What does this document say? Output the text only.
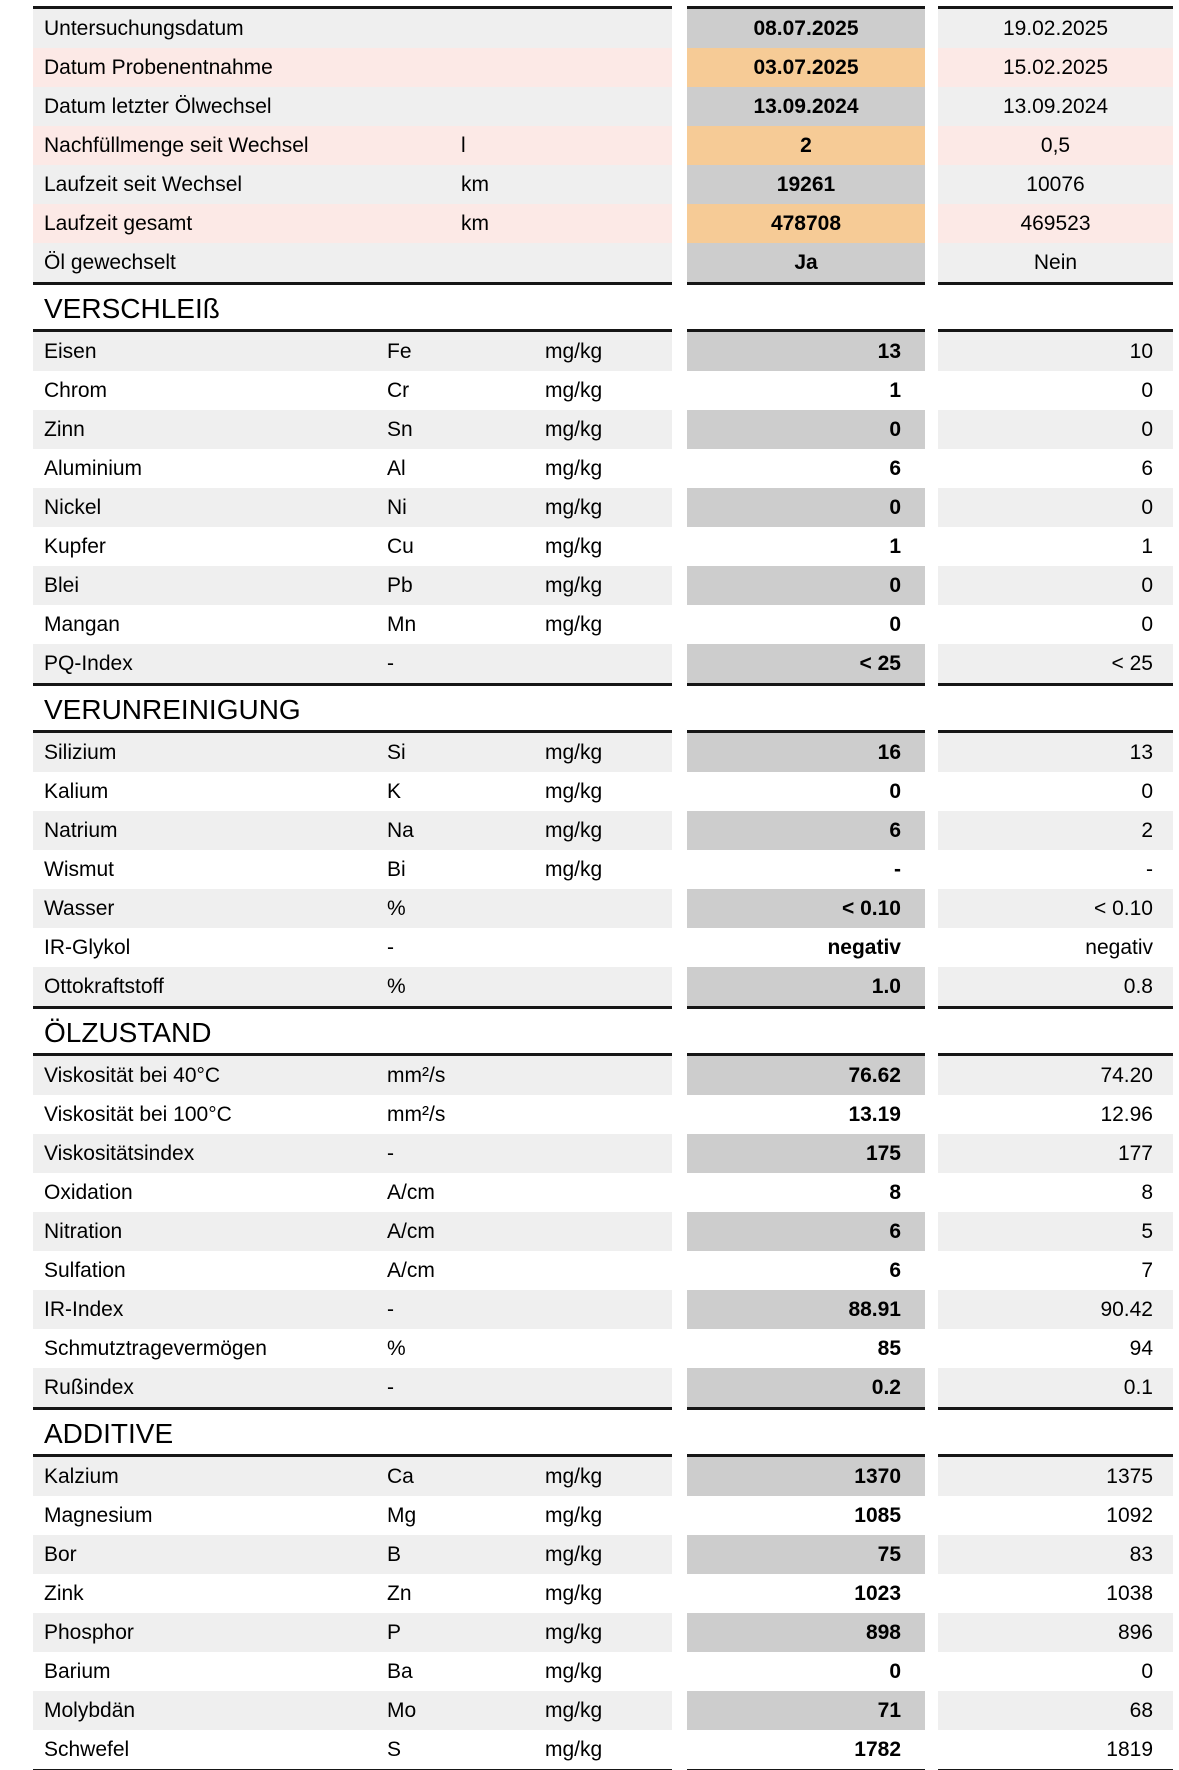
Untersuchungsdatum	08.07.2025	19.02.2025
Datum Probenentnahme	03.07.2025	15.02.2025
Datum letzter Ölwechsel	13.09.2024	13.09.2024
Nachfüllmenge seit Wechsel	l	2	0,5
Laufzeit seit Wechsel	km	19261	10076
Laufzeit gesamt	km	478708	469523
Öl gewechselt	Ja	Nein
VERSCHLEIß
Eisen	Fe	mg/kg	13	10
Chrom	Cr	mg/kg	1	0
Zinn	Sn	mg/kg	0	0
Aluminium	Al	mg/kg	6	6
Nickel	Ni	mg/kg	0	0
Kupfer	Cu	mg/kg	1	1
Blei	Pb	mg/kg	0	0
Mangan	Mn	mg/kg	0	0
PQ-Index	-	< 25	< 25
VERUNREINIGUNG
Silizium	Si	mg/kg	16	13
Kalium	K	mg/kg	0	0
Natrium	Na	mg/kg	6	2
Wismut	Bi	mg/kg	-	-
Wasser	%	< 0.10	< 0.10
IR-Glykol	-	negativ	negativ
Ottokraftstoff	%	1.0	0.8
ÖLZUSTAND
Viskosität bei 40°C	mm²/s	76.62	74.20
Viskosität bei 100°C	mm²/s	13.19	12.96
Viskositätsindex	-	175	177
Oxidation	A/cm	8	8
Nitration	A/cm	6	5
Sulfation	A/cm	6	7
IR-Index	-	88.91	90.42
Schmutztragevermögen	%	85	94
Rußindex	-	0.2	0.1
ADDITIVE
Kalzium	Ca	mg/kg	1370	1375
Magnesium	Mg	mg/kg	1085	1092
Bor	B	mg/kg	75	83
Zink	Zn	mg/kg	1023	1038
Phosphor	P	mg/kg	898	896
Barium	Ba	mg/kg	0	0
Molybdän	Mo	mg/kg	71	68
Schwefel	S	mg/kg	1782	1819
